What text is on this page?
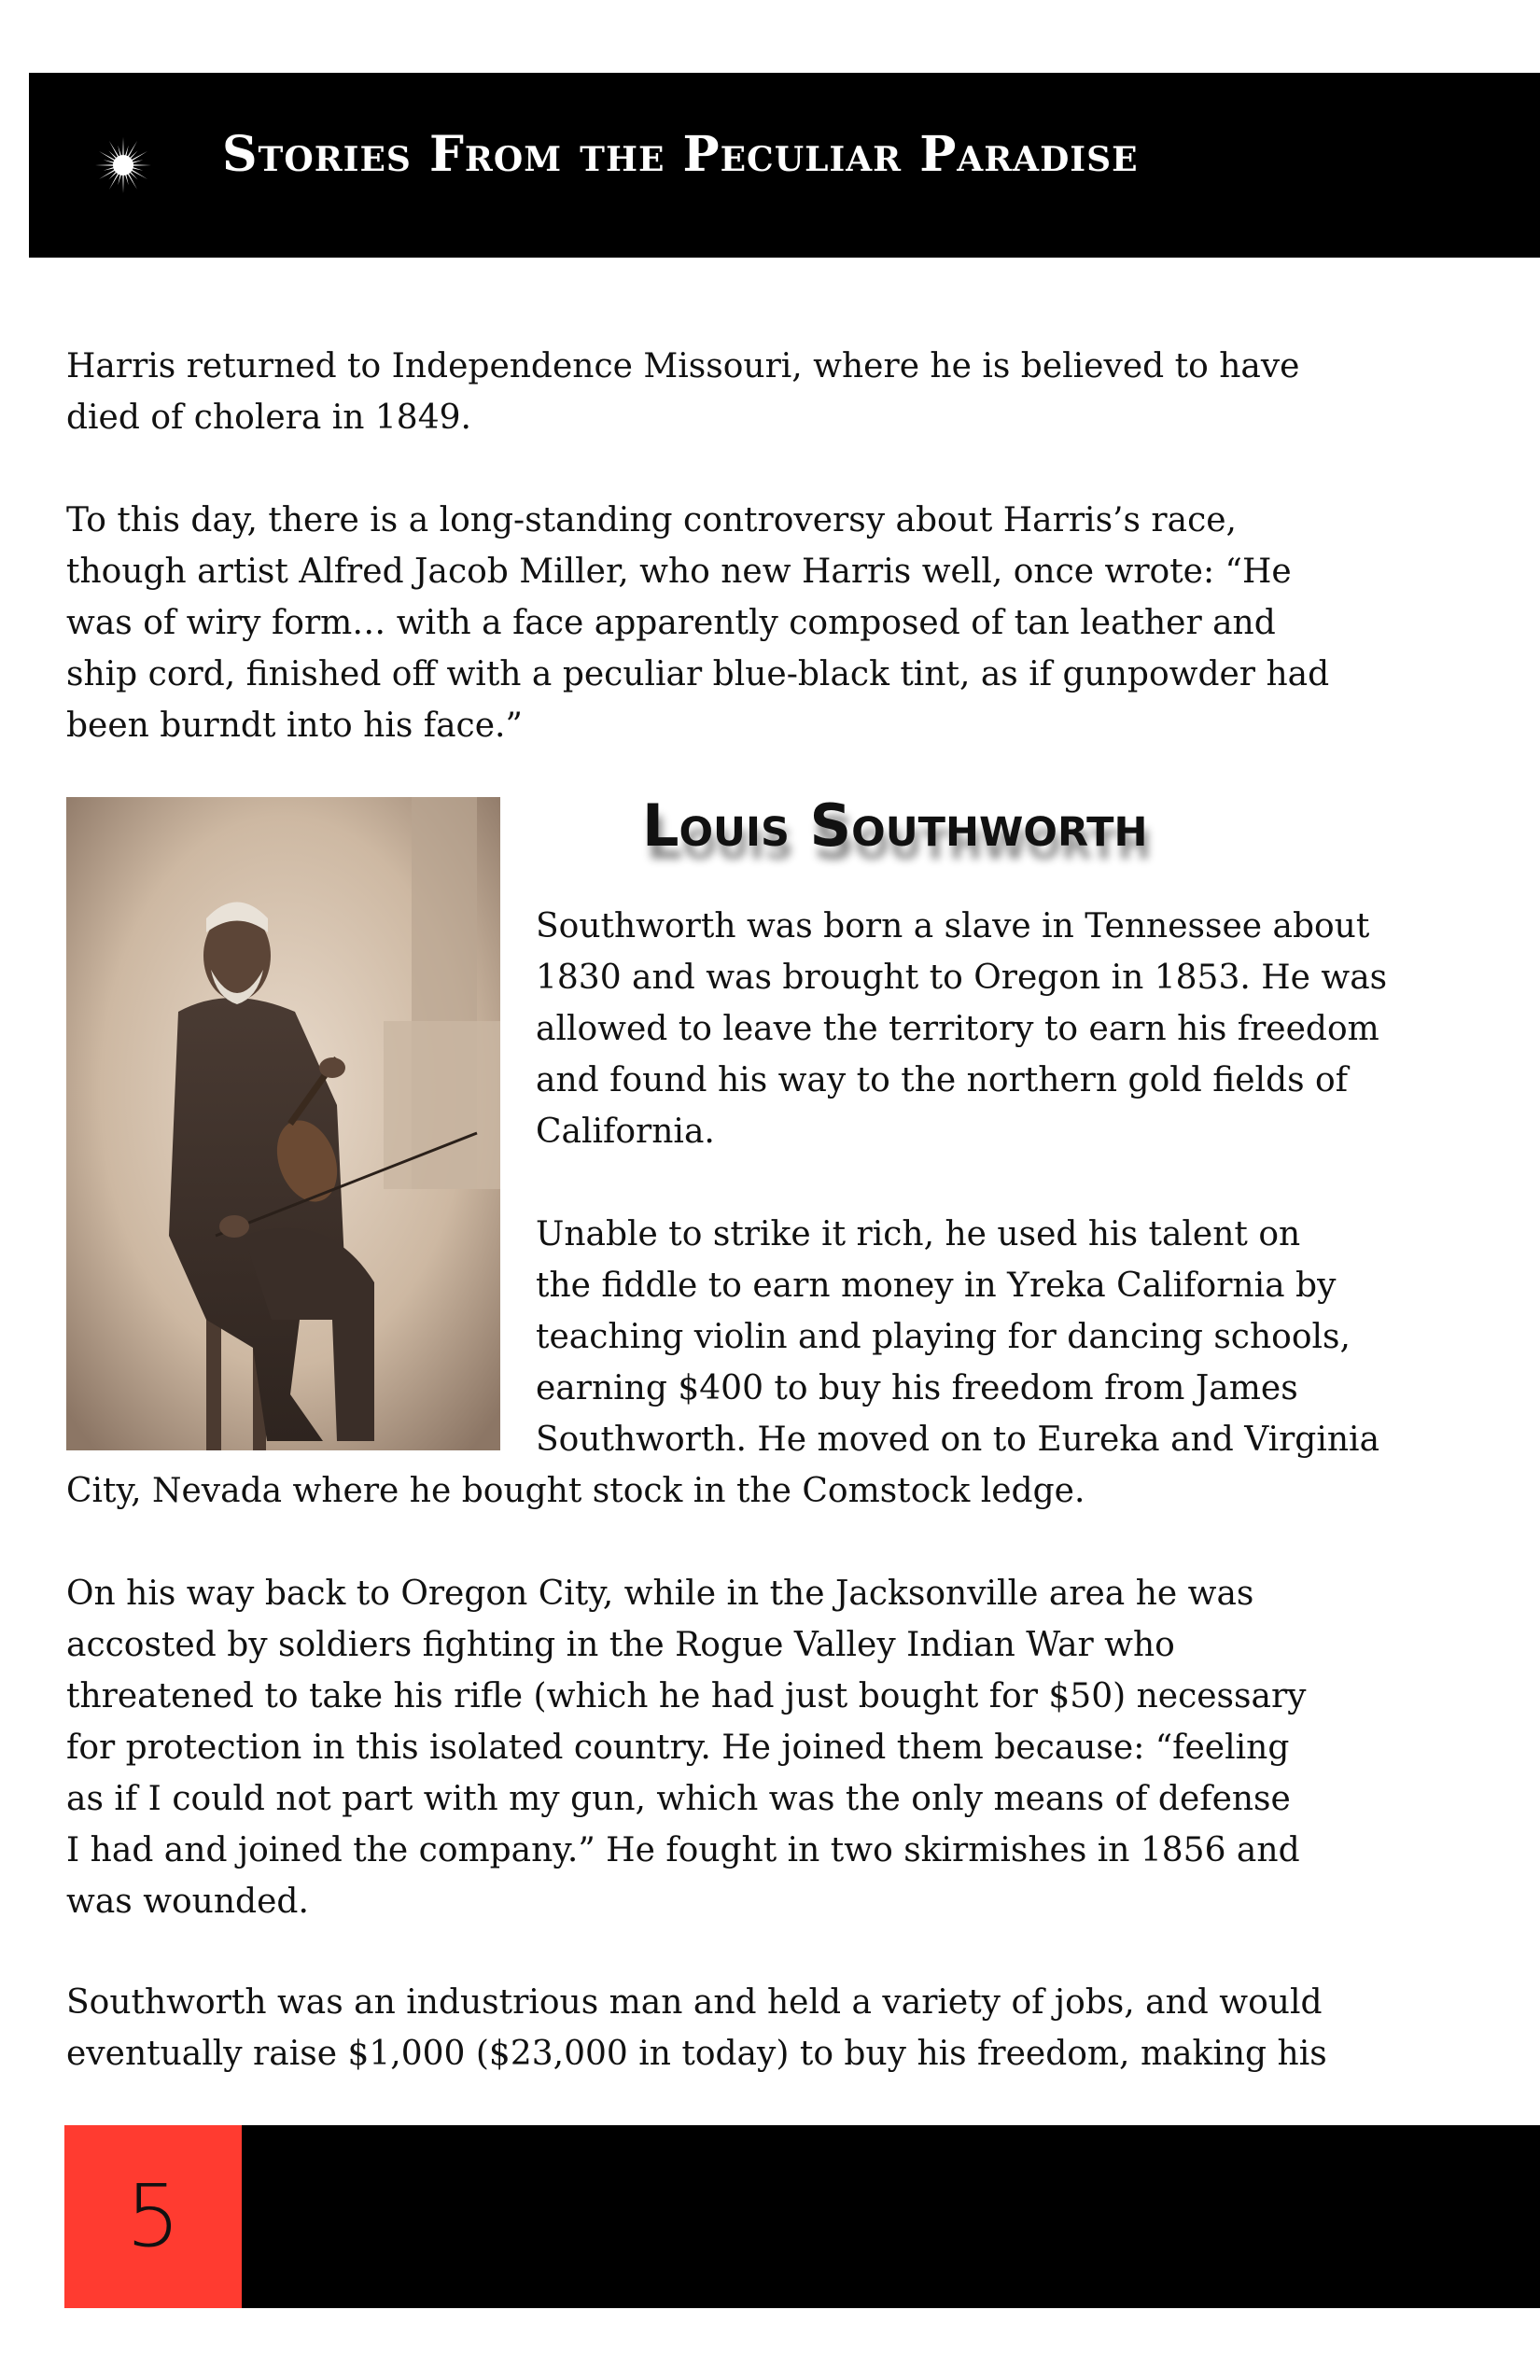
Stories From the Peculiar Paradise

Harris returned to Independence Missouri, where he is believed to have
died of cholera in 1849.

To this day, there is a long-standing controversy about Harris’s race,
though artist Alfred Jacob Miller, who new Harris well, once wrote: “He
was of wiry form… with a face apparently composed of tan leather and
ship cord, finished off with a peculiar blue-black tint, as if gunpowder had
been burndt into his face.”

Louis Southworth

Southworth was born a slave in Tennessee about
1830 and was brought to Oregon in 1853. He was
allowed to leave the territory to earn his freedom
and found his way to the northern gold fields of
California.

Unable to strike it rich, he used his talent on
the fiddle to earn money in Yreka California by
teaching violin and playing for dancing schools,
earning $400 to buy his freedom from James
Southworth. He moved on to Eureka and Virginia

City, Nevada where he bought stock in the Comstock ledge.

On his way back to Oregon City, while in the Jacksonville area he was
accosted by soldiers fighting in the Rogue Valley Indian War who
threatened to take his rifle (which he had just bought for $50) necessary
for protection in this isolated country. He joined them because: “feeling
as if I could not part with my gun, which was the only means of defense
I had and joined the company.” He fought in two skirmishes in 1856 and
was wounded.

Southworth was an industrious man and held a variety of jobs, and would
eventually raise $1,000 ($23,000 in today) to buy his freedom, making his

5
